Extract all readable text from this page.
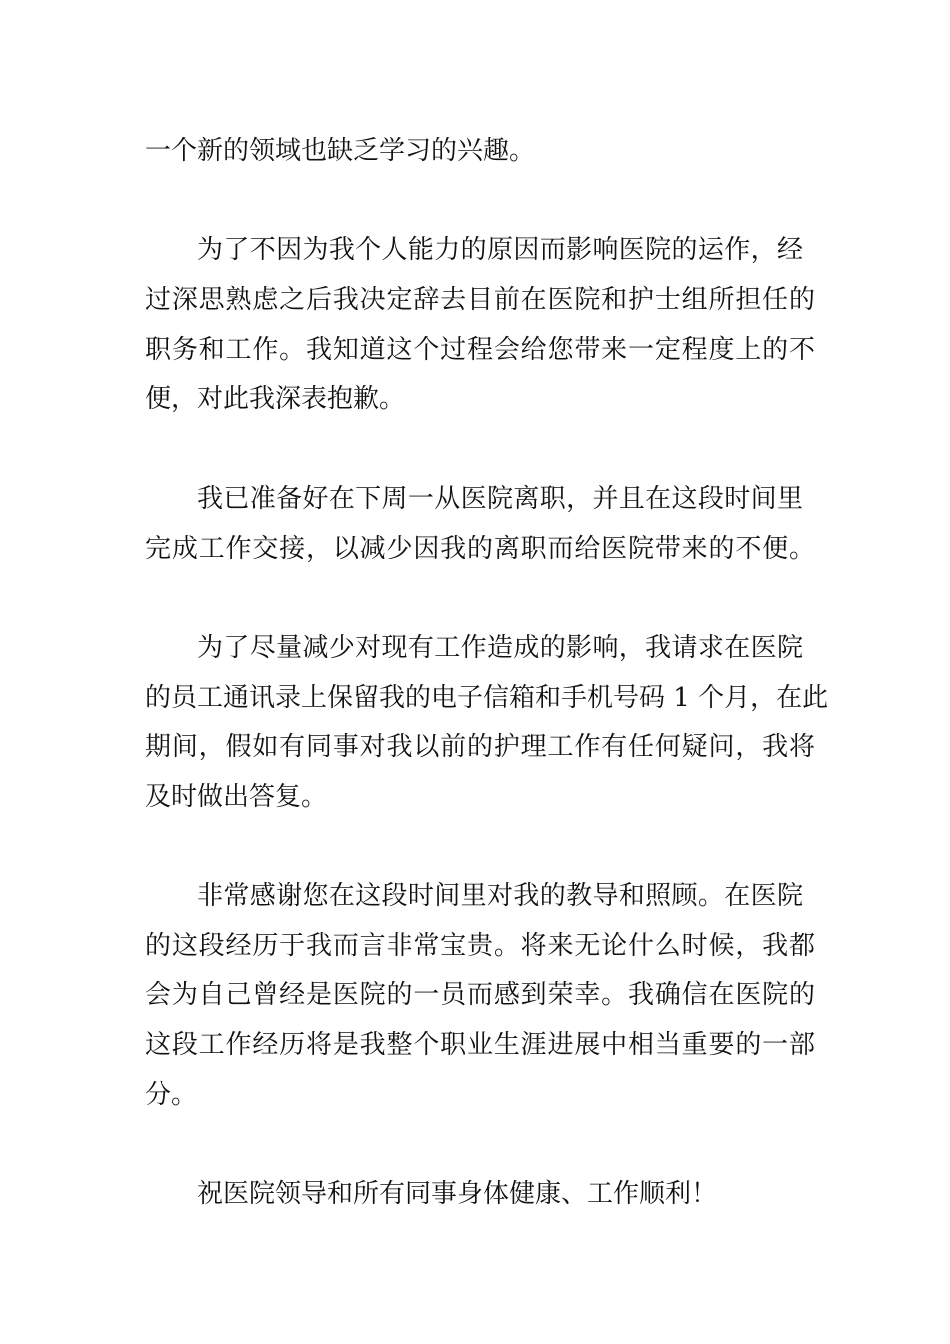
一个新的领域也缺乏学习的兴趣。
为了不因为我个人能力的原因而影响医院的运作，经
过深思熟虑之后我决定辞去目前在医院和护士组所担任的
职务和工作。我知道这个过程会给您带来一定程度上的不
便，对此我深表抱歉。
我已准备好在下周一从医院离职，并且在这段时间里
完成工作交接，以减少因我的离职而给医院带来的不便。
为了尽量减少对现有工作造成的影响，我请求在医院
的员工通讯录上保留我的电子信箱和手机号码 1 个月，在此
期间，假如有同事对我以前的护理工作有任何疑问，我将
及时做出答复。
非常感谢您在这段时间里对我的教导和照顾。在医院
的这段经历于我而言非常宝贵。将来无论什么时候，我都
会为自己曾经是医院的一员而感到荣幸。我确信在医院的
这段工作经历将是我整个职业生涯进展中相当重要的一部
分。
祝医院领导和所有同事身体健康、工作顺利！
